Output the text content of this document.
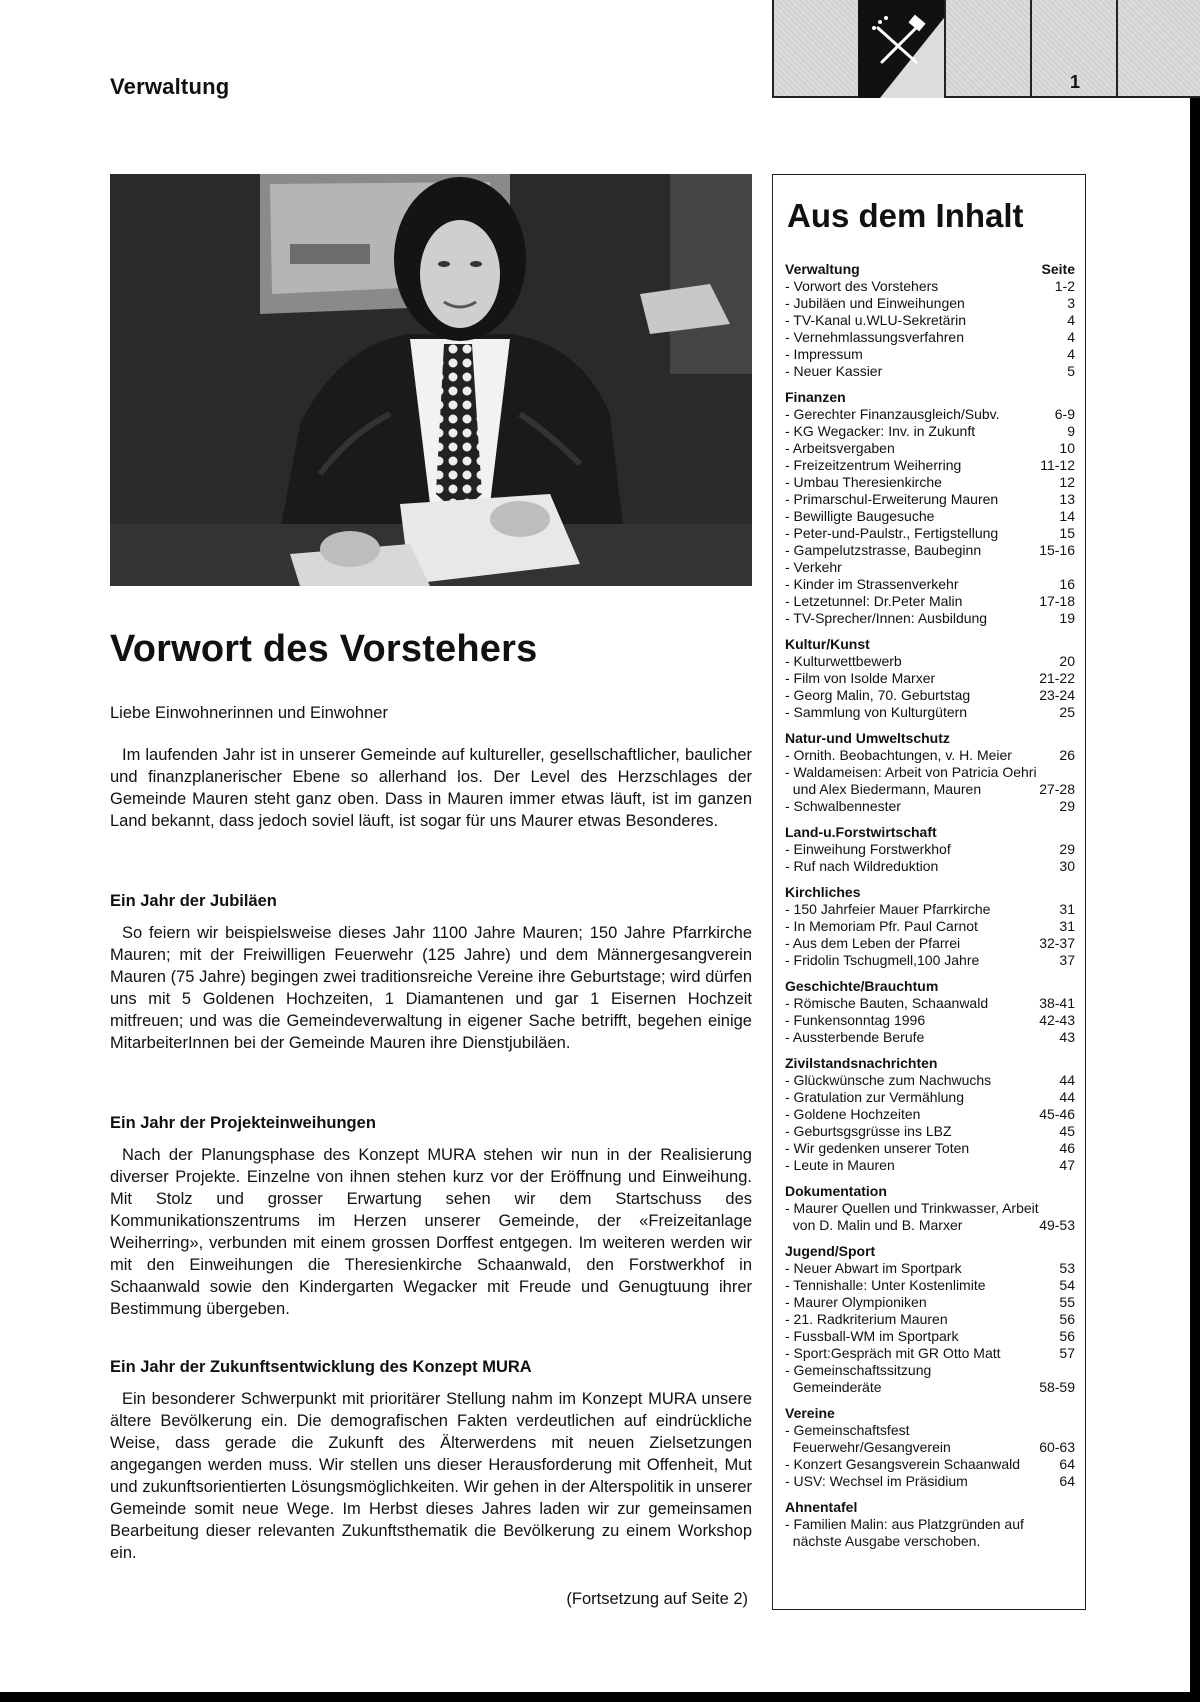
Verwaltung	1
Vorwort des Vorstehers
Liebe Einwohnerinnen und Einwohner

Im laufenden Jahr ist in unserer Gemeinde auf kultureller, gesellschaftlicher, baulicher und finanzplanerischer Ebene so allerhand los. Der Level des Herzschlages der Gemeinde Mauren steht ganz oben. Dass in Mauren immer etwas läuft, ist im ganzen Land bekannt, dass jedoch soviel läuft, ist sogar für uns Maurer etwas Besonderes.

Ein Jahr der Jubiläen

So feiern wir beispielsweise dieses Jahr 1100 Jahre Mauren; 150 Jahre Pfarrkirche Mauren; mit der Freiwilligen Feuerwehr (125 Jahre) und dem Männergesangverein Mauren (75 Jahre) begingen zwei traditionsreiche Vereine ihre Geburtstage; wird dürfen uns mit 5 Goldenen Hochzeiten, 1 Diamantenen und gar 1 Eisernen Hochzeit mitfreuen; und was die Gemeindeverwaltung in eigener Sache betrifft, begehen einige MitarbeiterInnen bei der Gemeinde Mauren ihre Dienstjubiläen.

Ein Jahr der Projekteinweihungen

Nach der Planungsphase des Konzept MURA stehen wir nun in der Realisierung diverser Projekte. Einzelne von ihnen stehen kurz vor der Eröffnung und Einweihung. Mit Stolz und grosser Erwartung sehen wir dem Startschuss des Kommunikationszentrums im Herzen unserer Gemeinde, der «Freizeitanlage Weiherring», verbunden mit einem grossen Dorffest entgegen. Im weiteren werden wir mit den Einweihungen die Theresienkirche Schaanwald, den Forstwerkhof in Schaanwald sowie den Kindergarten Wegacker mit Freude und Genugtuung ihrer Bestimmung übergeben.

Ein Jahr der Zukunftsentwicklung des Konzept MURA

Ein besonderer Schwerpunkt mit prioritärer Stellung nahm im Konzept MURA unsere ältere Bevölkerung ein. Die demografischen Fakten verdeutlichen auf eindrückliche Weise, dass gerade die Zukunft des Älterwerdens mit neuen Zielsetzungen angegangen werden muss. Wir stellen uns dieser Herausforderung mit Offenheit, Mut und zukunftsorientierten Lösungsmöglichkeiten. Wir gehen in der Alterspolitik in unserer Gemeinde somit neue Wege. Im Herbst dieses Jahres laden wir zur gemeinsamen Bearbeitung dieser relevanten Zukunftsthematik die Bevölkerung zu einem Workshop ein.

(Fortsetzung auf Seite 2)
Aus dem Inhalt
Verwaltung	Seite
- Vorwort des Vorstehers	1-2
- Jubiläen und Einweihungen	3
- TV-Kanal u.WLU-Sekretärin	4
- Vernehmlassungsverfahren	4
- Impressum	4
- Neuer Kassier	5
Finanzen
- Gerechter Finanzausgleich/Subv.	6-9
- KG Wegacker: Inv. in Zukunft	9
- Arbeitsvergaben	10
- Freizeitzentrum Weiherring	11-12
- Umbau Theresienkirche	12
- Primarschul-Erweiterung Mauren	13
- Bewilligte Baugesuche	14
- Peter-und-Paulstr., Fertigstellung	15
- Gampelutzstrasse, Baubeginn	15-16
- Verkehr
- Kinder im Strassenverkehr	16
- Letzetunnel: Dr.Peter Malin	17-18
- TV-Sprecher/Innen: Ausbildung	19
Kultur/Kunst
- Kulturwettbewerb	20
- Film von Isolde Marxer	21-22
- Georg Malin, 70. Geburtstag	23-24
- Sammlung von Kulturgütern	25
Natur-und Umweltschutz
- Ornith. Beobachtungen, v. H. Meier	26
- Waldameisen: Arbeit von Patricia Oehri
und Alex Biedermann, Mauren	27-28
- Schwalbennester	29
Land-u.Forstwirtschaft
- Einweihung Forstwerkhof	29
- Ruf nach Wildreduktion	30
Kirchliches
- 150 Jahrfeier Mauer Pfarrkirche	31
- In Memoriam Pfr. Paul Carnot	31
- Aus dem Leben der Pfarrei	32-37
- Fridolin Tschugmell,100 Jahre	37
Geschichte/Brauchtum
- Römische Bauten, Schaanwald	38-41
- Funkensonntag 1996	42-43
- Aussterbende Berufe	43
Zivilstandsnachrichten
- Glückwünsche zum Nachwuchs	44
- Gratulation zur Vermählung	44
- Goldene Hochzeiten	45-46
- Geburtsgsgrüsse ins LBZ	45
- Wir gedenken unserer Toten	46
- Leute in Mauren	47
Dokumentation
- Maurer Quellen und Trinkwasser, Arbeit
von D. Malin und B. Marxer	49-53
Jugend/Sport
- Neuer Abwart im Sportpark	53
- Tennishalle: Unter Kostenlimite	54
- Maurer Olympioniken	55
- 21. Radkriterium Mauren	56
- Fussball-WM im Sportpark	56
- Sport:Gespräch mit GR Otto Matt	57
- Gemeinschaftssitzung
Gemeinderäte	58-59
Vereine
- Gemeinschaftsfest
Feuerwehr/Gesangverein	60-63
- Konzert Gesangsverein Schaanwald	64
- USV: Wechsel im Präsidium	64
Ahnentafel
- Familien Malin: aus Platzgründen auf
nächste Ausgabe verschoben.
